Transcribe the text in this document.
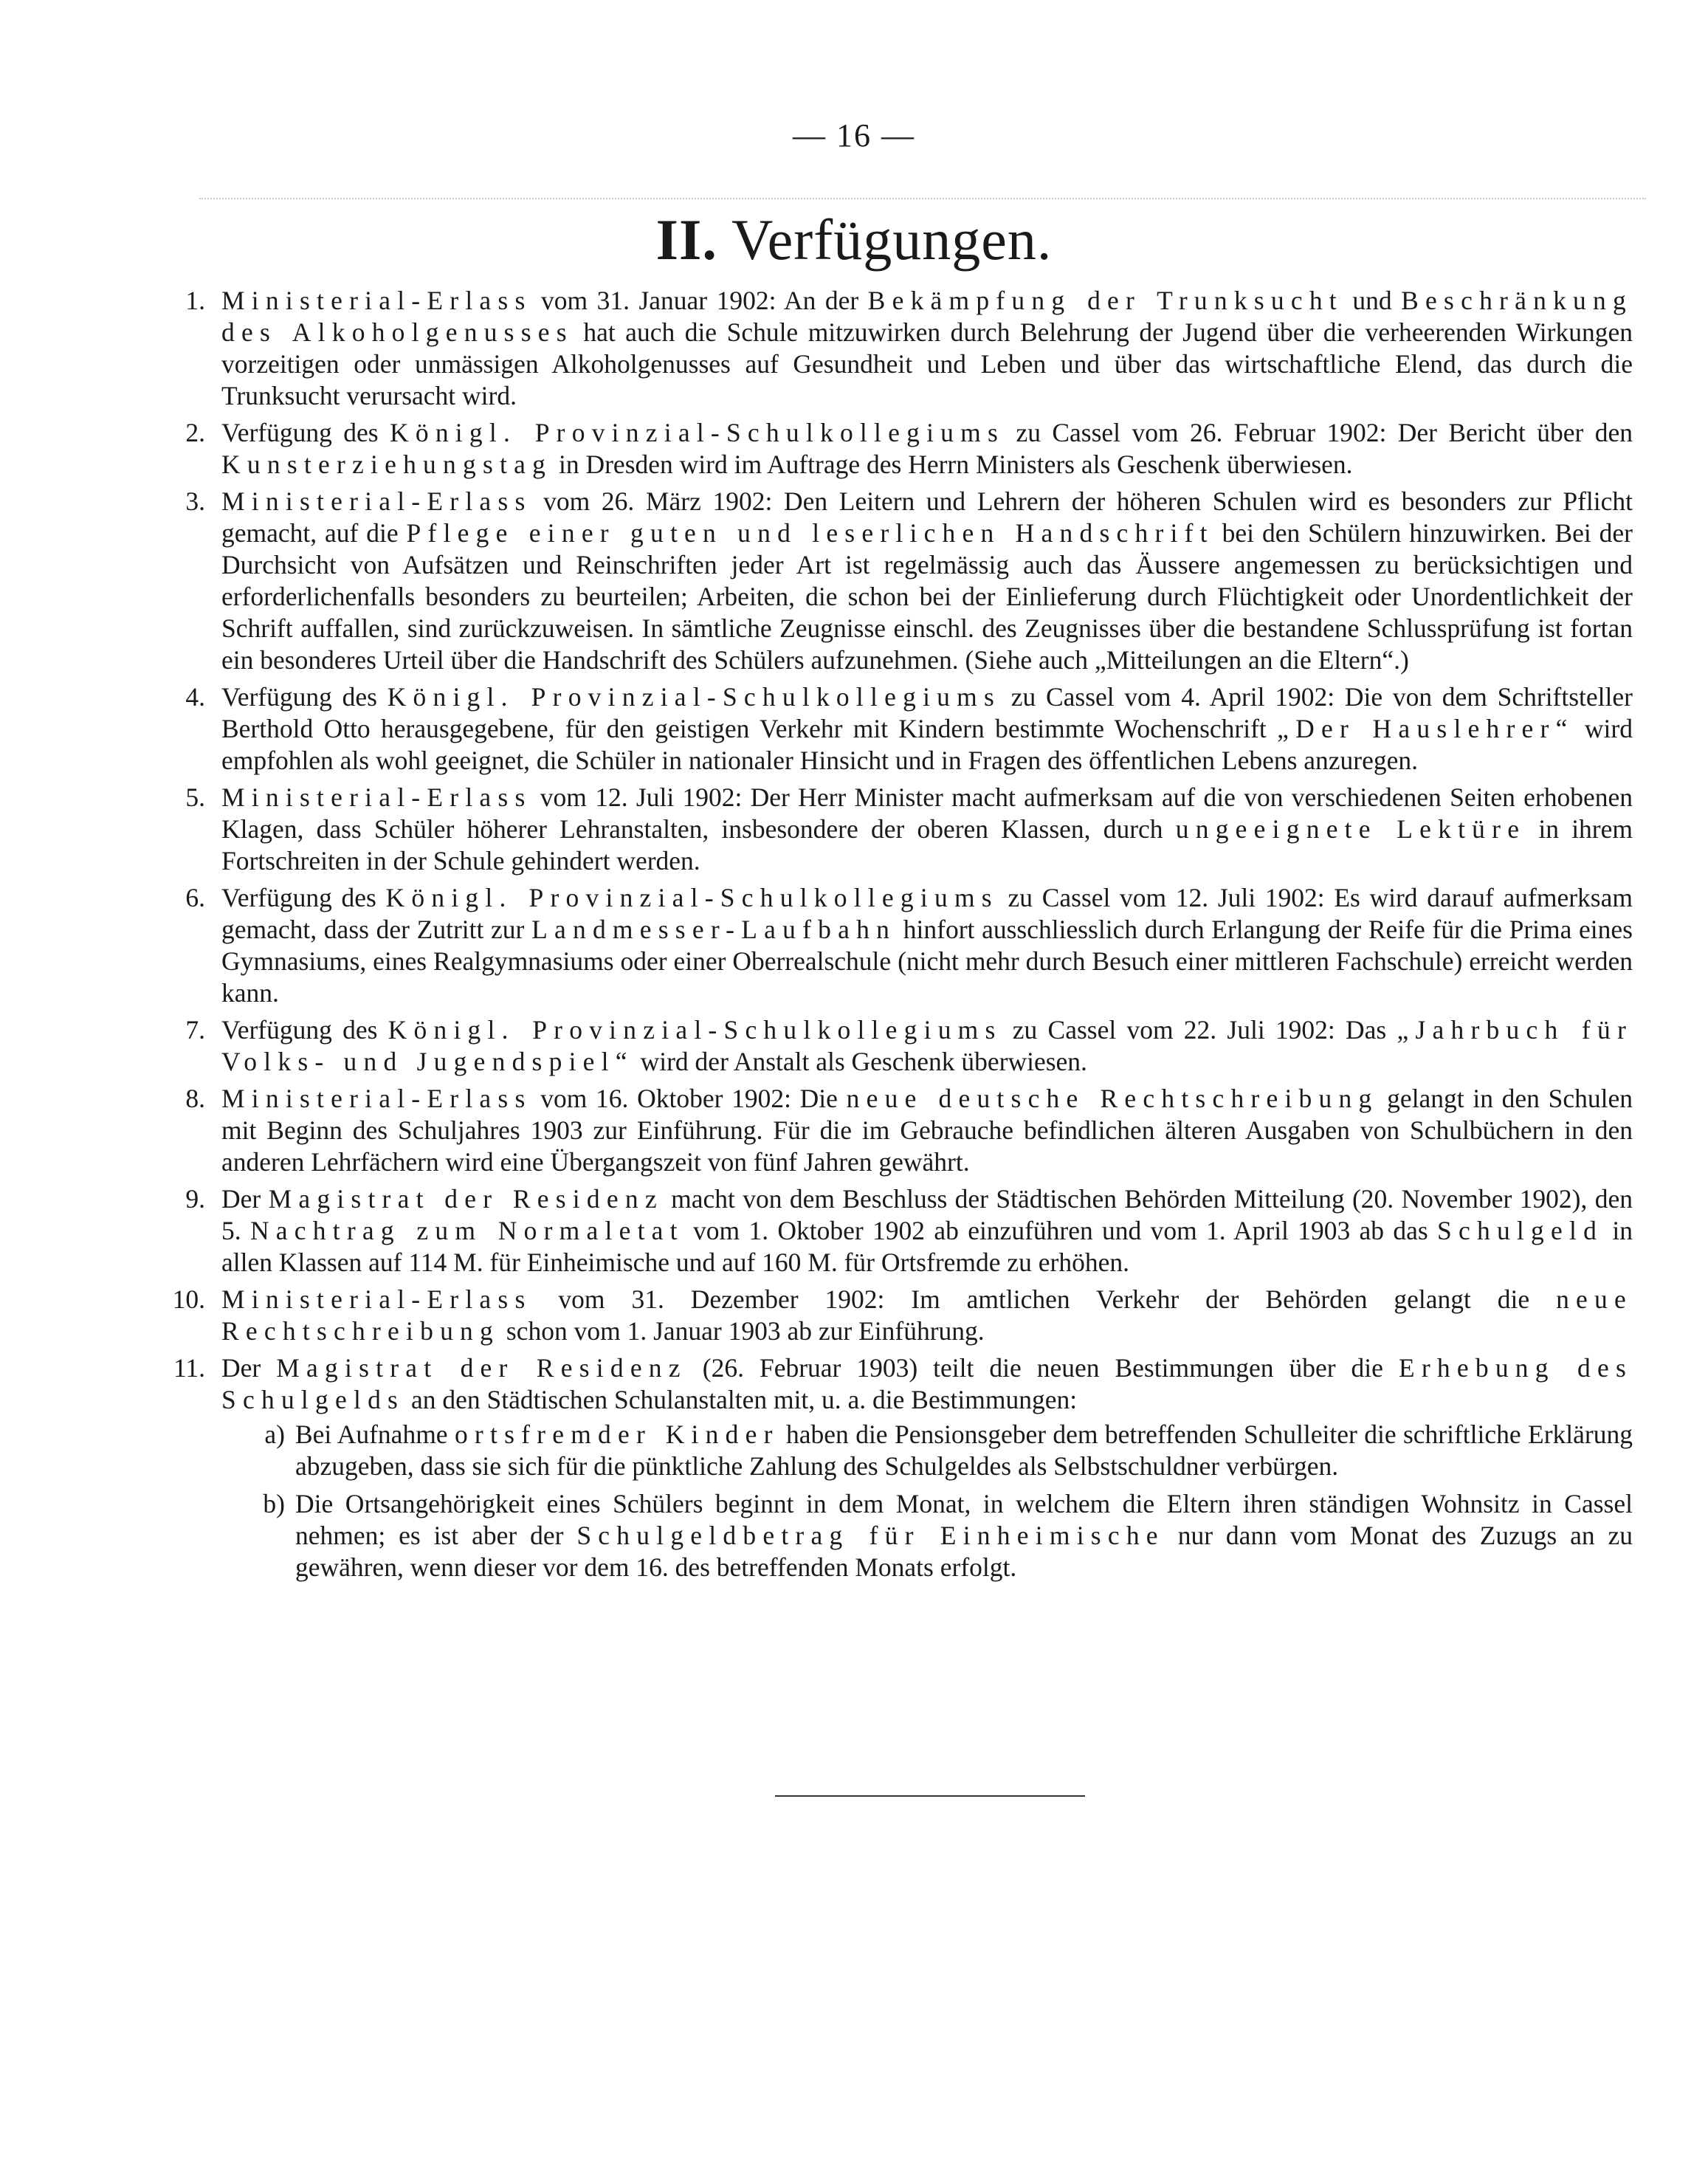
— 16 —
II. Verfügungen.
1. Ministerial-Erlass vom 31. Januar 1902: An der Bekämpfung der Trunksucht und Beschränkung des Alkoholgenusses hat auch die Schule mitzuwirken durch Belehrung der Jugend über die verheerenden Wirkungen vorzeitigen oder unmässigen Alkoholgenusses auf Gesundheit und Leben und über das wirtschaftliche Elend, das durch die Trunksucht verursacht wird.
2. Verfügung des Königl. Provinzial-Schulkollegiums zu Cassel vom 26. Februar 1902: Der Bericht über den Kunsterziehungstag in Dresden wird im Auftrage des Herrn Ministers als Geschenk überwiesen.
3. Ministerial-Erlass vom 26. März 1902: Den Leitern und Lehrern der höheren Schulen wird es besonders zur Pflicht gemacht, auf die Pflege einer guten und leserlichen Handschrift bei den Schülern hinzuwirken. Bei der Durchsicht von Aufsätzen und Reinschriften jeder Art ist regelmässig auch das Äussere angemessen zu berücksichtigen und erforderlichenfalls besonders zu beurteilen; Arbeiten, die schon bei der Einlieferung durch Flüchtigkeit oder Unordentlichkeit der Schrift auffallen, sind zurückzuweisen. In sämtliche Zeugnisse einschl. des Zeugnisses über die bestandene Schlussprüfung ist fortan ein besonderes Urteil über die Handschrift des Schülers aufzunehmen. (Siehe auch „Mitteilungen an die Eltern“.)
4. Verfügung des Königl. Provinzial-Schulkollegiums zu Cassel vom 4. April 1902: Die von dem Schriftsteller Berthold Otto herausgegebene, für den geistigen Verkehr mit Kindern bestimmte Wochenschrift „Der Hauslehrer“ wird empfohlen als wohl geeignet, die Schüler in nationaler Hinsicht und in Fragen des öffentlichen Lebens anzuregen.
5. Ministerial-Erlass vom 12. Juli 1902: Der Herr Minister macht aufmerksam auf die von verschiedenen Seiten erhobenen Klagen, dass Schüler höherer Lehranstalten, insbesondere der oberen Klassen, durch ungeeignete Lektüre in ihrem Fortschreiten in der Schule gehindert werden.
6. Verfügung des Königl. Provinzial-Schulkollegiums zu Cassel vom 12. Juli 1902: Es wird darauf aufmerksam gemacht, dass der Zutritt zur Landmesser-Laufbahn hinfort ausschliesslich durch Erlangung der Reife für die Prima eines Gymnasiums, eines Realgymnasiums oder einer Oberrealschule (nicht mehr durch Besuch einer mittleren Fachschule) erreicht werden kann.
7. Verfügung des Königl. Provinzial-Schulkollegiums zu Cassel vom 22. Juli 1902: Das „Jahrbuch für Volks- und Jugendspiel“ wird der Anstalt als Geschenk überwiesen.
8. Ministerial-Erlass vom 16. Oktober 1902: Die neue deutsche Rechtschreibung gelangt in den Schulen mit Beginn des Schuljahres 1903 zur Einführung. Für die im Gebrauche befindlichen älteren Ausgaben von Schulbüchern in den anderen Lehrfächern wird eine Übergangszeit von fünf Jahren gewährt.
9. Der Magistrat der Residenz macht von dem Beschluss der Städtischen Behörden Mitteilung (20. November 1902), den 5. Nachtrag zum Normaletat vom 1. Oktober 1902 ab einzuführen und vom 1. April 1903 ab das Schulgeld in allen Klassen auf 114 M. für Einheimische und auf 160 M. für Ortsfremde zu erhöhen.
10. Ministerial-Erlass vom 31. Dezember 1902: Im amtlichen Verkehr der Behörden gelangt die neue Rechtschreibung schon vom 1. Januar 1903 ab zur Einführung.
11. Der Magistrat der Residenz (26. Februar 1903) teilt die neuen Bestimmungen über die Erhebung des Schulgelds an den Städtischen Schulanstalten mit, u. a. die Bestimmungen:
a) Bei Aufnahme ortsfremder Kinder haben die Pensionsgeber dem betreffenden Schulleiter die schriftliche Erklärung abzugeben, dass sie sich für die pünktliche Zahlung des Schulgeldes als Selbstschuldner verbürgen.
b) Die Ortsangehörigkeit eines Schülers beginnt in dem Monat, in welchem die Eltern ihren ständigen Wohnsitz in Cassel nehmen; es ist aber der Schulgeldbetrag für Einheimische nur dann vom Monat des Zuzugs an zu gewähren, wenn dieser vor dem 16. des betreffenden Monats erfolgt.
